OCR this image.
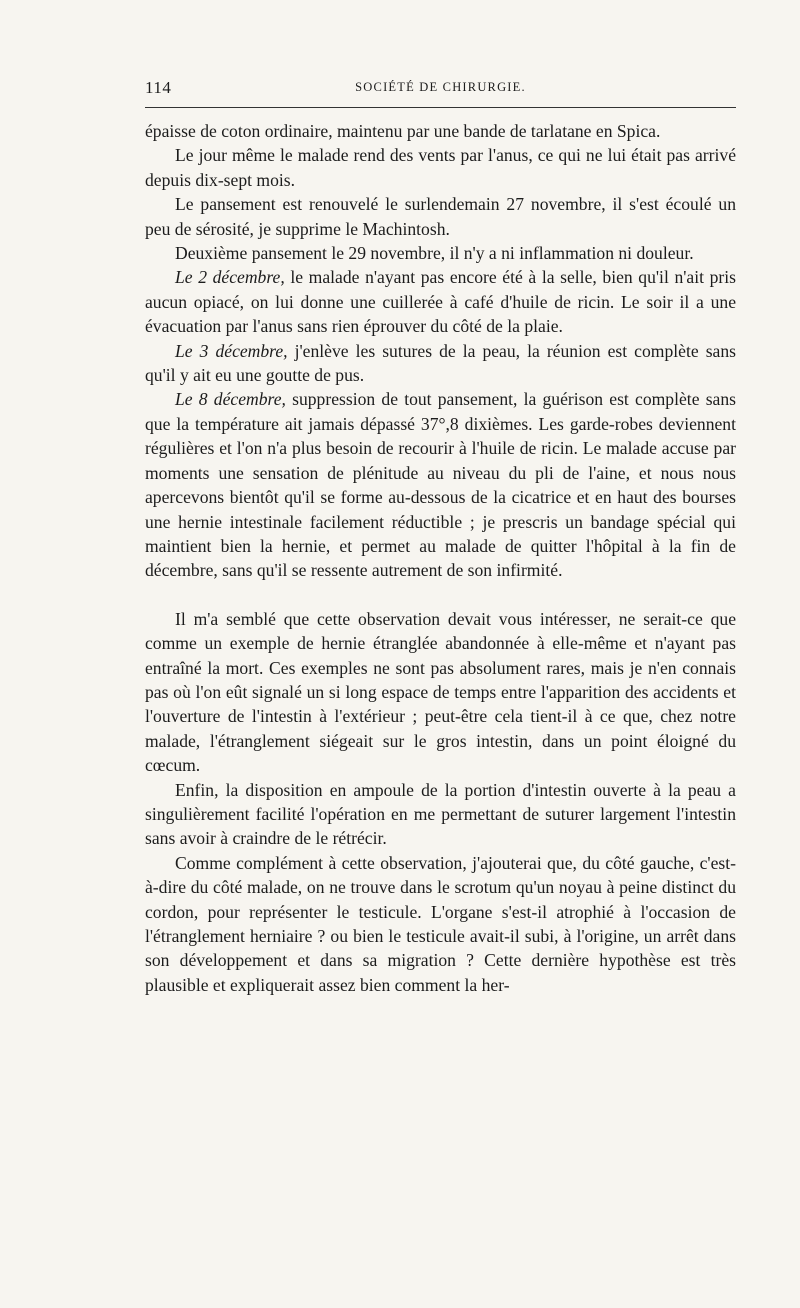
114	SOCIÉTÉ DE CHIRURGIE.

épaisse de coton ordinaire, maintenu par une bande de tarlatane en Spica.

Le jour même le malade rend des vents par l'anus, ce qui ne lui était pas arrivé depuis dix-sept mois.

Le pansement est renouvelé le surlendemain 27 novembre, il s'est écoulé un peu de sérosité, je supprime le Machintosh.

Deuxième pansement le 29 novembre, il n'y a ni inflammation ni douleur.

Le 2 décembre, le malade n'ayant pas encore été à la selle, bien qu'il n'ait pris aucun opiacé, on lui donne une cuillerée à café d'huile de ricin. Le soir il a une évacuation par l'anus sans rien éprouver du côté de la plaie.

Le 3 décembre, j'enlève les sutures de la peau, la réunion est complète sans qu'il y ait eu une goutte de pus.

Le 8 décembre, suppression de tout pansement, la guérison est complète sans que la température ait jamais dépassé 37°,8 dixièmes. Les garde-robes deviennent régulières et l'on n'a plus besoin de recourir à l'huile de ricin. Le malade accuse par moments une sensation de plénitude au niveau du pli de l'aine, et nous nous apercevons bientôt qu'il se forme au-dessous de la cicatrice et en haut des bourses une hernie intestinale facilement réductible ; je prescris un bandage spécial qui maintient bien la hernie, et permet au malade de quitter l'hôpital à la fin de décembre, sans qu'il se ressente autrement de son infirmité.

Il m'a semblé que cette observation devait vous intéresser, ne serait-ce que comme un exemple de hernie étranglée abandonnée à elle-même et n'ayant pas entraîné la mort. Ces exemples ne sont pas absolument rares, mais je n'en connais pas où l'on eût signalé un si long espace de temps entre l'apparition des accidents et l'ouverture de l'intestin à l'extérieur ; peut-être cela tient-il à ce que, chez notre malade, l'étranglement siégeait sur le gros intestin, dans un point éloigné du cœcum.

Enfin, la disposition en ampoule de la portion d'intestin ouverte à la peau a singulièrement facilité l'opération en me permettant de suturer largement l'intestin sans avoir à craindre de le rétrécir.

Comme complément à cette observation, j'ajouterai que, du côté gauche, c'est-à-dire du côté malade, on ne trouve dans le scrotum qu'un noyau à peine distinct du cordon, pour représenter le testicule. L'organe s'est-il atrophié à l'occasion de l'étranglement herniaire ? ou bien le testicule avait-il subi, à l'origine, un arrêt dans son développement et dans sa migration ? Cette dernière hypothèse est très plausible et expliquerait assez bien comment la her-
